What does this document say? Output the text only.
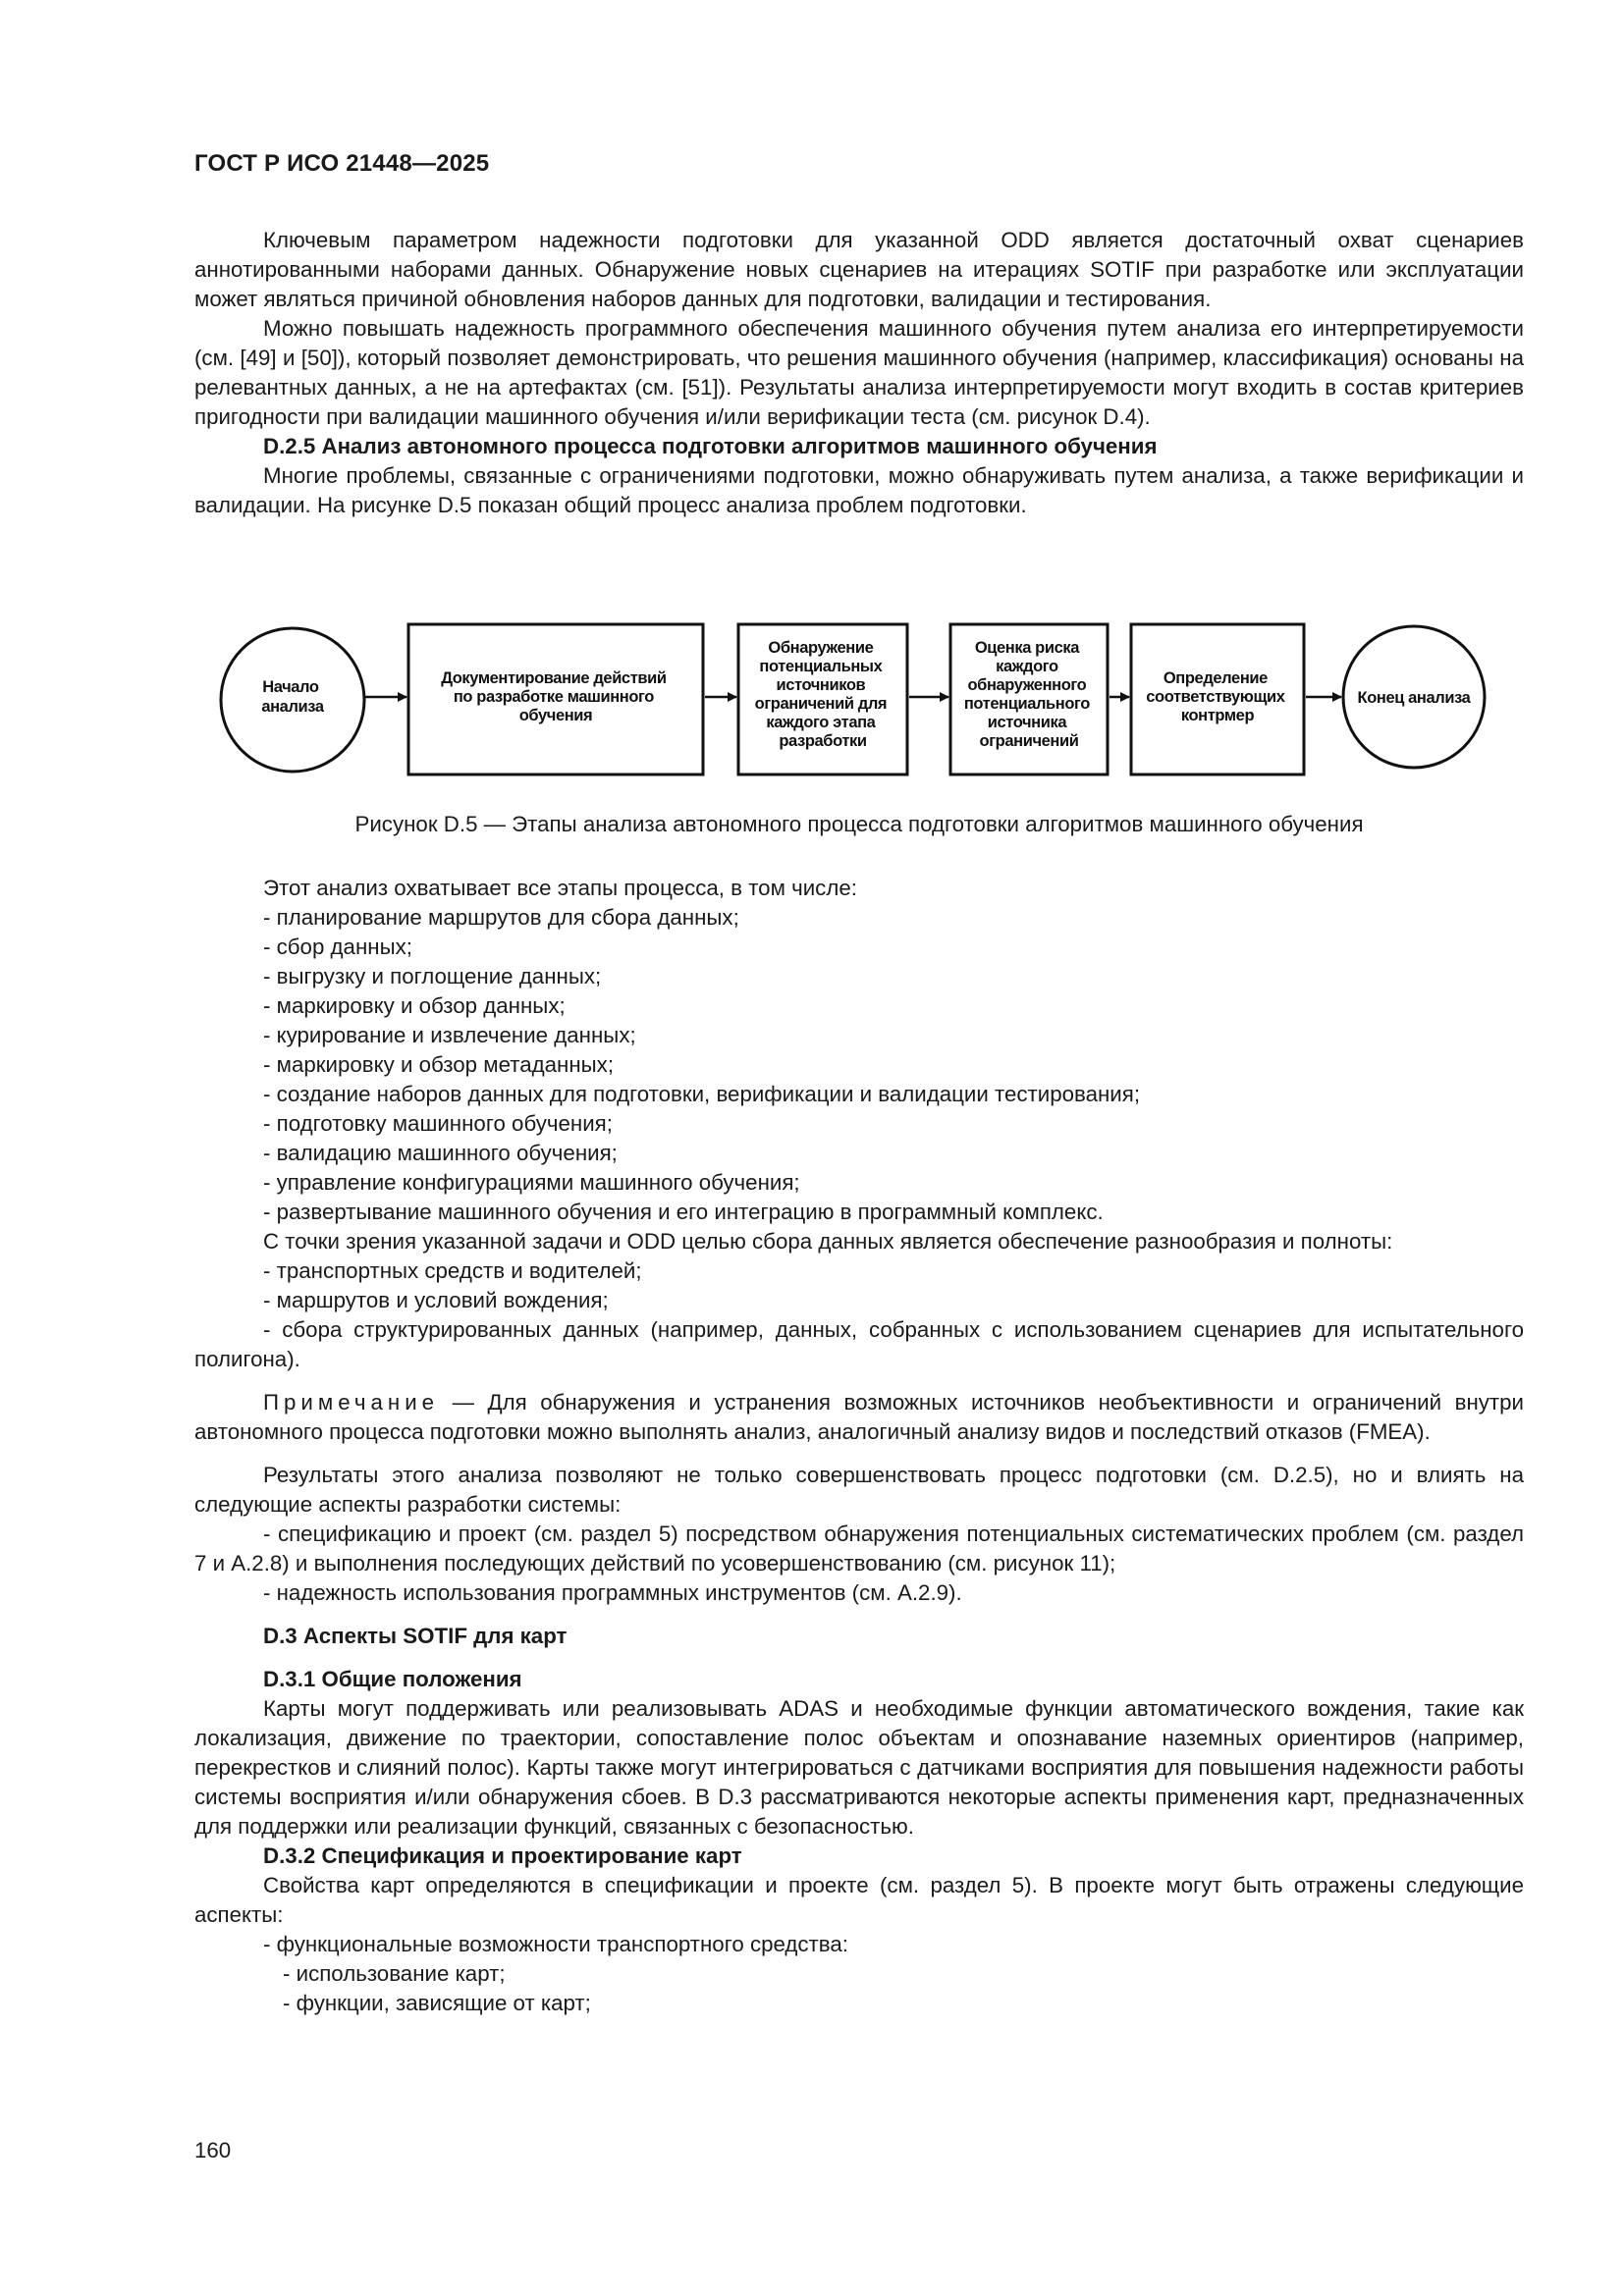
ГОСТ Р ИСО 21448—2025

Ключевым параметром надежности подготовки для указанной ODD является достаточный охват сценариев аннотированными наборами данных. Обнаружение новых сценариев на итерациях SOTIF при разработке или эксплуатации может являться причиной обновления наборов данных для подготовки, валидации и тестирования.

Можно повышать надежность программного обеспечения машинного обучения путем анализа его интерпретируемости (см. [49] и [50]), который позволяет демонстрировать, что решения машинного обучения (например, классификация) основаны на релевантных данных, а не на артефактах (см. [51]). Результаты анализа интерпретируемости могут входить в состав критериев пригодности при валидации машинного обучения и/или верификации теста (см. рисунок D.4).

D.2.5 Анализ автономного процесса подготовки алгоритмов машинного обучения

Многие проблемы, связанные с ограничениями подготовки, можно обнаруживать путем анализа, а также верификации и валидации. На рисунке D.5 показан общий процесс анализа проблем подготовки.

Начало анализа
Документирование действий по разработке машинного обучения
Обнаружение потенциальных источников ограничений для каждого этапа разработки
Оценка риска каждого обнаруженного потенциального источника ограничений
Определение соответствующих контрмер
Конец анализа
Рисунок D.5 — Этапы анализа автономного процесса подготовки алгоритмов машинного обучения

Этот анализ охватывает все этапы процесса, в том числе:

- планирование маршрутов для сбора данных;

- сбор данных;

- выгрузку и поглощение данных;

- маркировку и обзор данных;

- курирование и извлечение данных;

- маркировку и обзор метаданных;

- создание наборов данных для подготовки, верификации и валидации тестирования;

- подготовку машинного обучения;

- валидацию машинного обучения;

- управление конфигурациями машинного обучения;

- развертывание машинного обучения и его интеграцию в программный комплекс.

С точки зрения указанной задачи и ODD целью сбора данных является обеспечение разнообразия и полноты:

- транспортных средств и водителей;

- маршрутов и условий вождения;

- сбора структурированных данных (например, данных, собранных с использованием сценариев для испытательного полигона).

Примечание — Для обнаружения и устранения возможных источников необъективности и ограничений внутри автономного процесса подготовки можно выполнять анализ, аналогичный анализу видов и последствий отказов (FMEA).

Результаты этого анализа позволяют не только совершенствовать процесс подготовки (см. D.2.5), но и влиять на следующие аспекты разработки системы:

- спецификацию и проект (см. раздел 5) посредством обнаружения потенциальных систематических проблем (см. раздел 7 и A.2.8) и выполнения последующих действий по усовершенствованию (см. рисунок 11);

- надежность использования программных инструментов (см. A.2.9).

D.3 Аспекты SOTIF для карт

D.3.1 Общие положения

Карты могут поддерживать или реализовывать ADAS и необходимые функции автоматического вождения, такие как локализация, движение по траектории, сопоставление полос объектам и опознавание наземных ориентиров (например, перекрестков и слияний полос). Карты также могут интегрироваться с датчиками восприятия для повышения надежности работы системы восприятия и/или обнаружения сбоев. В D.3 рассматриваются некоторые аспекты применения карт, предназначенных для поддержки или реализации функций, связанных с безопасностью.

D.3.2 Спецификация и проектирование карт

Свойства карт определяются в спецификации и проекте (см. раздел 5). В проекте могут быть отражены следующие аспекты:

- функциональные возможности транспортного средства:

- использование карт;

- функции, зависящие от карт;

160
